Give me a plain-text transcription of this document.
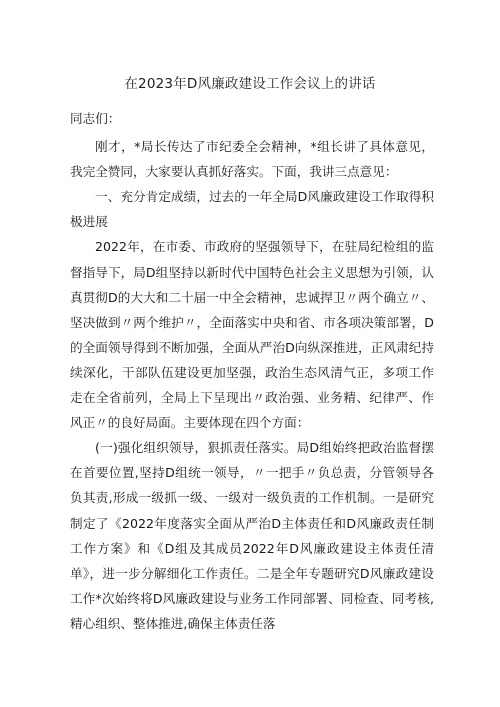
在2023年D风廉政建设工作会议上的讲话

同志们：

刚才，*局长传达了市纪委全会精神，*组长讲了具体意见，我完全赞同，大家要认真抓好落实。下面，我讲三点意见：

一、充分肯定成绩，过去的一年全局D风廉政建设工作取得积极进展

2022年，在市委、市政府的坚强领导下，在驻局纪检组的监督指导下，局D组坚持以新时代中国特色社会主义思想为引领，认真贯彻D的大大和二十届一中全会精神，忠诚捍卫〃两个确立〃、坚决做到〃两个维护〃，全面落实中央和省、市各项决策部署，D的全面领导得到不断加强，全面从严治D向纵深推进，正风肃纪持续深化，干部队伍建设更加坚强，政治生态风清气正，多项工作走在全省前列，全局上下呈现出〃政治强、业务精、纪律严、作风正〃的良好局面。主要体现在四个方面：

(一)强化组织领导，狠抓责任落实。局D组始终把政治监督摆在首要位置,坚持D组统一领导，〃一把手〃负总责，分管领导各负其责,形成一级抓一级、一级对一级负责的工作机制。一是研究制定了《2022年度落实全面从严治D主体责任和D风廉政责任制工作方案》和《D组及其成员2022年D风廉政建设主体责任清单》，进一步分解细化工作责任。二是全年专题研究D风廉政建设工作*次始终将D风廉政建设与业务工作同部署、同检查、同考核,精心组织、整体推进,确保主体责任落
